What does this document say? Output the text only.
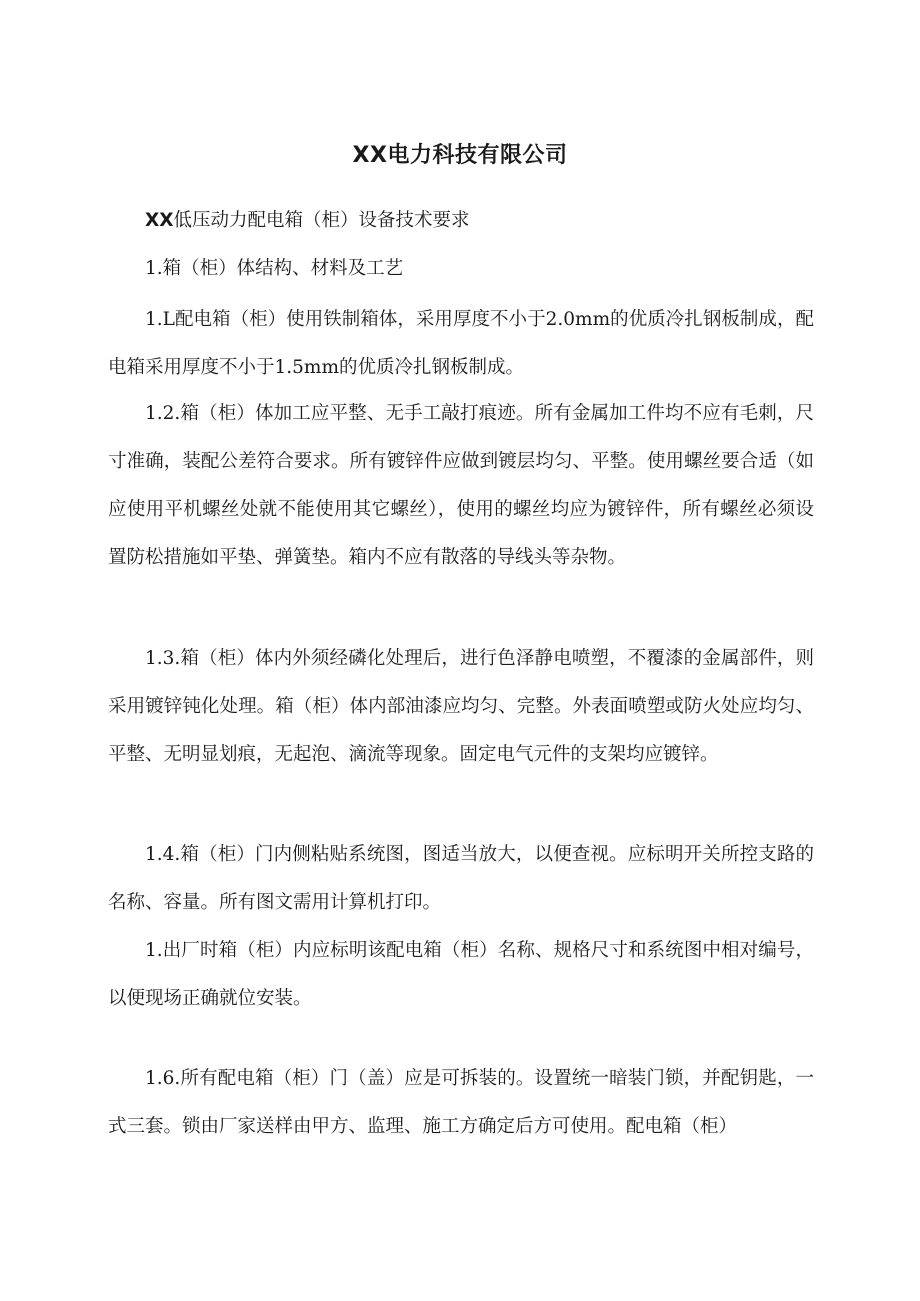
XX电力科技有限公司

XX低压动力配电箱（柜）设备技术要求

1.箱（柜）体结构、材料及工艺

1.L配电箱（柜）使用铁制箱体，采用厚度不小于2.0mm的优质冷扎钢板制成，配电箱采用厚度不小于1.5mm的优质冷扎钢板制成。

1.2.箱（柜）体加工应平整、无手工敲打痕迹。所有金属加工件均不应有毛刺，尺寸准确，装配公差符合要求。所有镀锌件应做到镀层均匀、平整。使用螺丝要合适（如应使用平机螺丝处就不能使用其它螺丝），使用的螺丝均应为镀锌件，所有螺丝必须设置防松措施如平垫、弹簧垫。箱内不应有散落的导线头等杂物。

1.3.箱（柜）体内外须经磷化处理后，进行色泽静电喷塑，不覆漆的金属部件，则采用镀锌钝化处理。箱（柜）体内部油漆应均匀、完整。外表面喷塑或防火处应均匀、平整、无明显划痕，无起泡、滴流等现象。固定电气元件的支架均应镀锌。

1.4.箱（柜）门内侧粘贴系统图，图适当放大，以便查视。应标明开关所控支路的名称、容量。所有图文需用计算机打印。

1.出厂时箱（柜）内应标明该配电箱（柜）名称、规格尺寸和系统图中相对编号，以便现场正确就位安装。

1.6.所有配电箱（柜）门（盖）应是可拆装的。设置统一暗装门锁，并配钥匙，一式三套。锁由厂家送样由甲方、监理、施工方确定后方可使用。配电箱（柜）
